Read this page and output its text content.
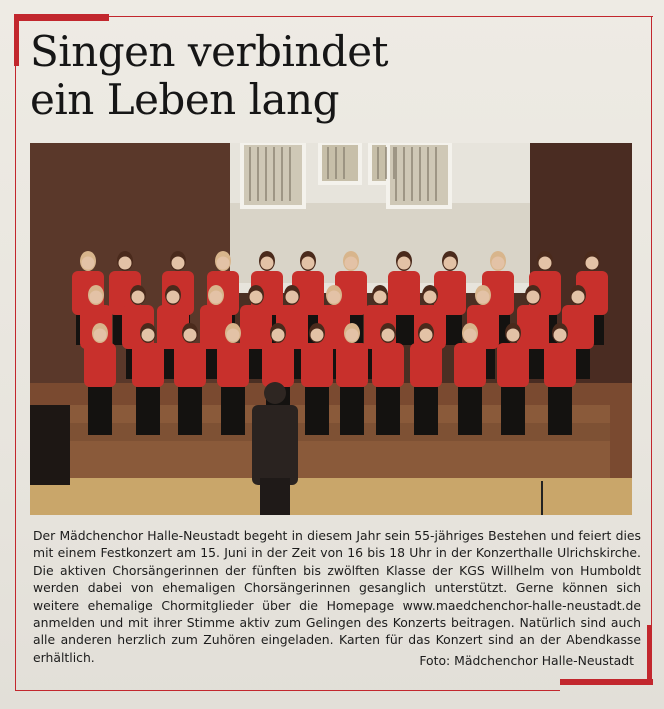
Singen verbindet
ein Leben lang

Der Mädchenchor Halle-Neustadt begeht in diesem Jahr sein 55-jähriges Bestehen und feiert dies mit einem Festkonzert am 15. Juni in der Zeit von 16 bis 18 Uhr in der Konzerthalle Ulrichskirche. Die aktiven Chorsängerinnen der fünften bis zwölften Klasse der KGS Willhelm von Humboldt werden dabei von ehemaligen Chorsängerinnen gesanglich unterstützt. Gerne können sich weitere ehemalige Chormitglieder über die Homepage www.maedchenchor-halle-neustadt.de anmelden und mit ihrer Stimme aktiv zum Gelingen des Konzerts beitragen. Natürlich sind auch alle anderen herzlich zum Zuhören eingeladen. Karten für das Konzert sind an der Abendkasse erhältlich.	Foto: Mädchenchor Halle-Neustadt
